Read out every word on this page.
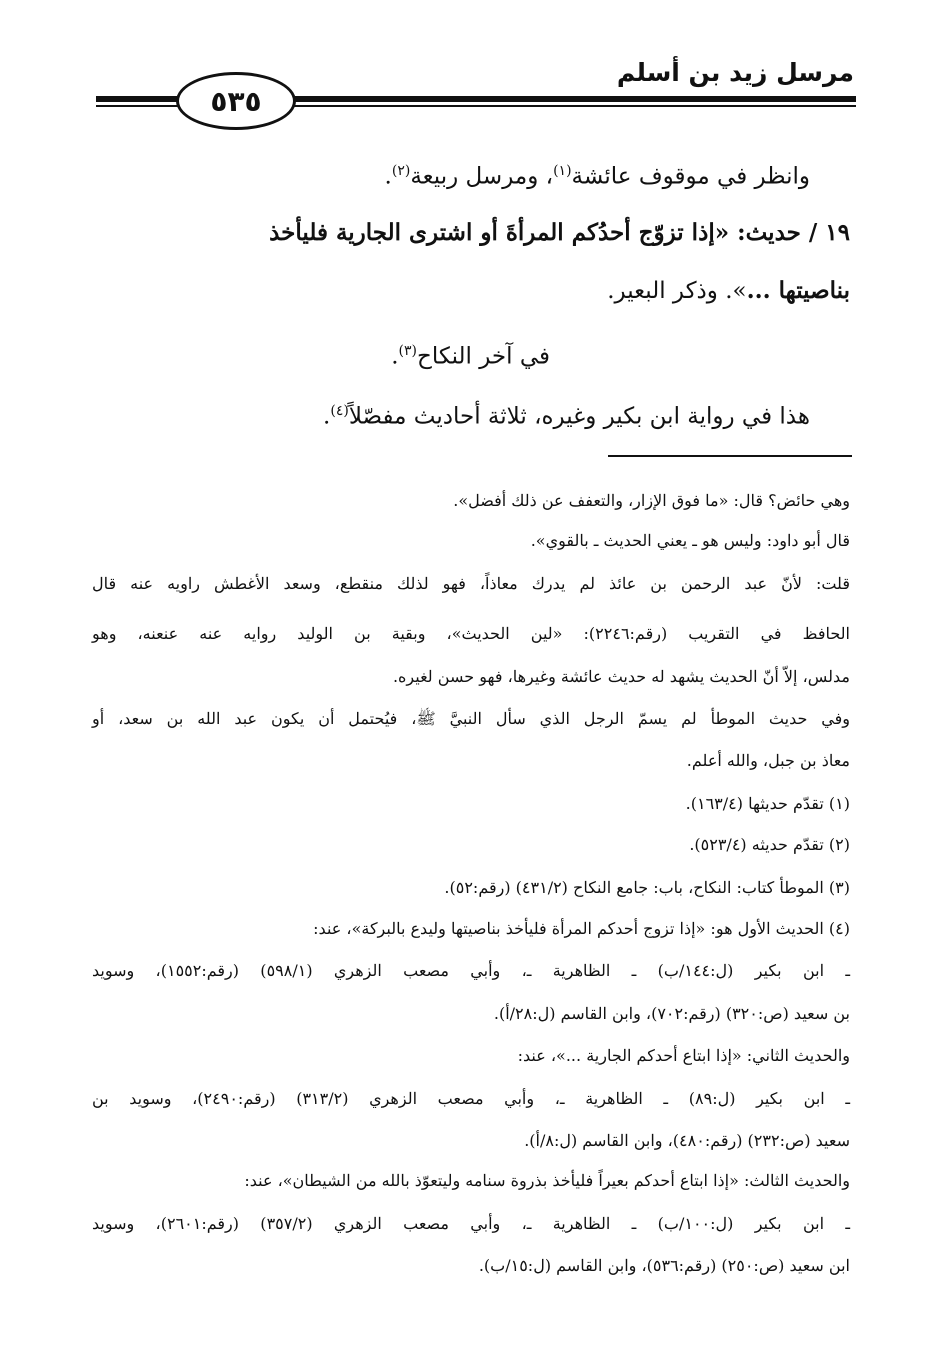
مرسل زيد بن أسلم
٥٣٥
وانظر في موقوف عائشة$^{(١)}$، ومرسل ربيعة$^{(٢)}$.
١٩ / حديث: «إذا تزوّج أحدُكم المرأةَ أو اشترى الجارية فليأخذ
بناصيتها ...». وذكر البعير.
في آخر النكاح$^{(٣)}$.
هذا في رواية ابن بكير وغيره، ثلاثة أحاديث مفصّلاً$^{(٤)}$.
وهي حائض؟ قال: «ما فوق الإزار، والتعفف عن ذلك أفضل».
قال أبو داود: وليس هو ـ يعني الحديث ـ بالقوي».
قلت: لأنّ عبد الرحمن بن عائذ لم يدرك معاذاً، فهو لذلك منقطع، وسعد الأغطش راويه عنه قال
الحافظ في التقريب (رقم:٢٢٤٦): «لين الحديث»، وبقية بن الوليد روايه عنه عنعنه، وهو
مدلس، إلاّ أنّ الحديث يشهد له حديث عائشة وغيرها، فهو حسن لغيره.
وفي حديث الموطأ لم يسمّ الرجل الذي سأل النبيَّ ﷺ، فيُحتمل أن يكون عبد الله بن سعد، أو
معاذ بن جبل، والله أعلم.
(١) تقدّم حديثها (١٦٣/٤).
(٢) تقدّم حديثه (٥٢٣/٤).
(٣) الموطأ كتاب: النكاح، باب: جامع النكاح (٤٣١/٢) (رقم:٥٢).
(٤) الحديث الأول هو: «إذا تزوج أحدكم المرأة فليأخذ بناصيتها وليدع بالبركة»، عند:
ـ ابن بكير (ل:١٤٤/ب) ـ الظاهرية ـ، وأبي مصعب الزهري (٥٩٨/١) (رقم:١٥٥٢)، وسويد
بن سعيد (ص:٣٢٠) (رقم:٧٠٢)، وابن القاسم (ل:٢٨/أ).
والحديث الثاني: «إذا ابتاع أحدكم الجارية ...»، عند:
ـ ابن بكير (ل:٨٩) ـ الظاهرية ـ، وأبي مصعب الزهري (٣١٣/٢) (رقم:٢٤٩٠)، وسويد بن
سعيد (ص:٢٣٢) (رقم:٤٨٠)، وابن القاسم (ل:٨/أ).
والحديث الثالث: «إذا ابتاع أحدكم بعيراً فليأخذ بذروة سنامه وليتعوّذ بالله من الشيطان»، عند:
ـ ابن بكير (ل:١٠٠/ب) ـ الظاهرية ـ، وأبي مصعب الزهري (٣٥٧/٢) (رقم:٢٦٠١)، وسويد
ابن سعيد (ص:٢٥٠) (رقم:٥٣٦)، وابن القاسم (ل:١٥/ب).
